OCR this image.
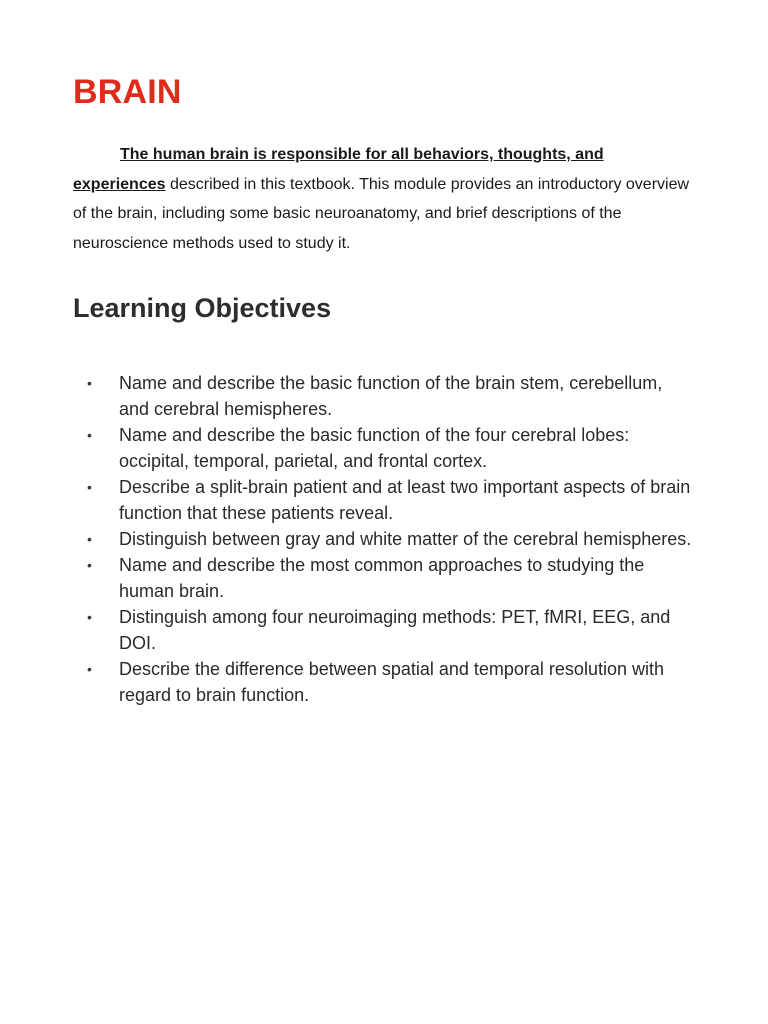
BRAIN

The human brain is responsible for all behaviors, thoughts, and experiences described in this textbook. This module provides an introductory overview of the brain, including some basic neuroanatomy, and brief descriptions of the neuroscience methods used to study it.

Learning Objectives
• Name and describe the basic function of the brain stem, cerebellum, and cerebral hemispheres.
• Name and describe the basic function of the four cerebral lobes: occipital, temporal, parietal, and frontal cortex.
• Describe a split-brain patient and at least two important aspects of brain function that these patients reveal.
• Distinguish between gray and white matter of the cerebral hemispheres.
• Name and describe the most common approaches to studying the human brain.
• Distinguish among four neuroimaging methods: PET, fMRI, EEG, and DOI.
• Describe the difference between spatial and temporal resolution with regard to brain function.
